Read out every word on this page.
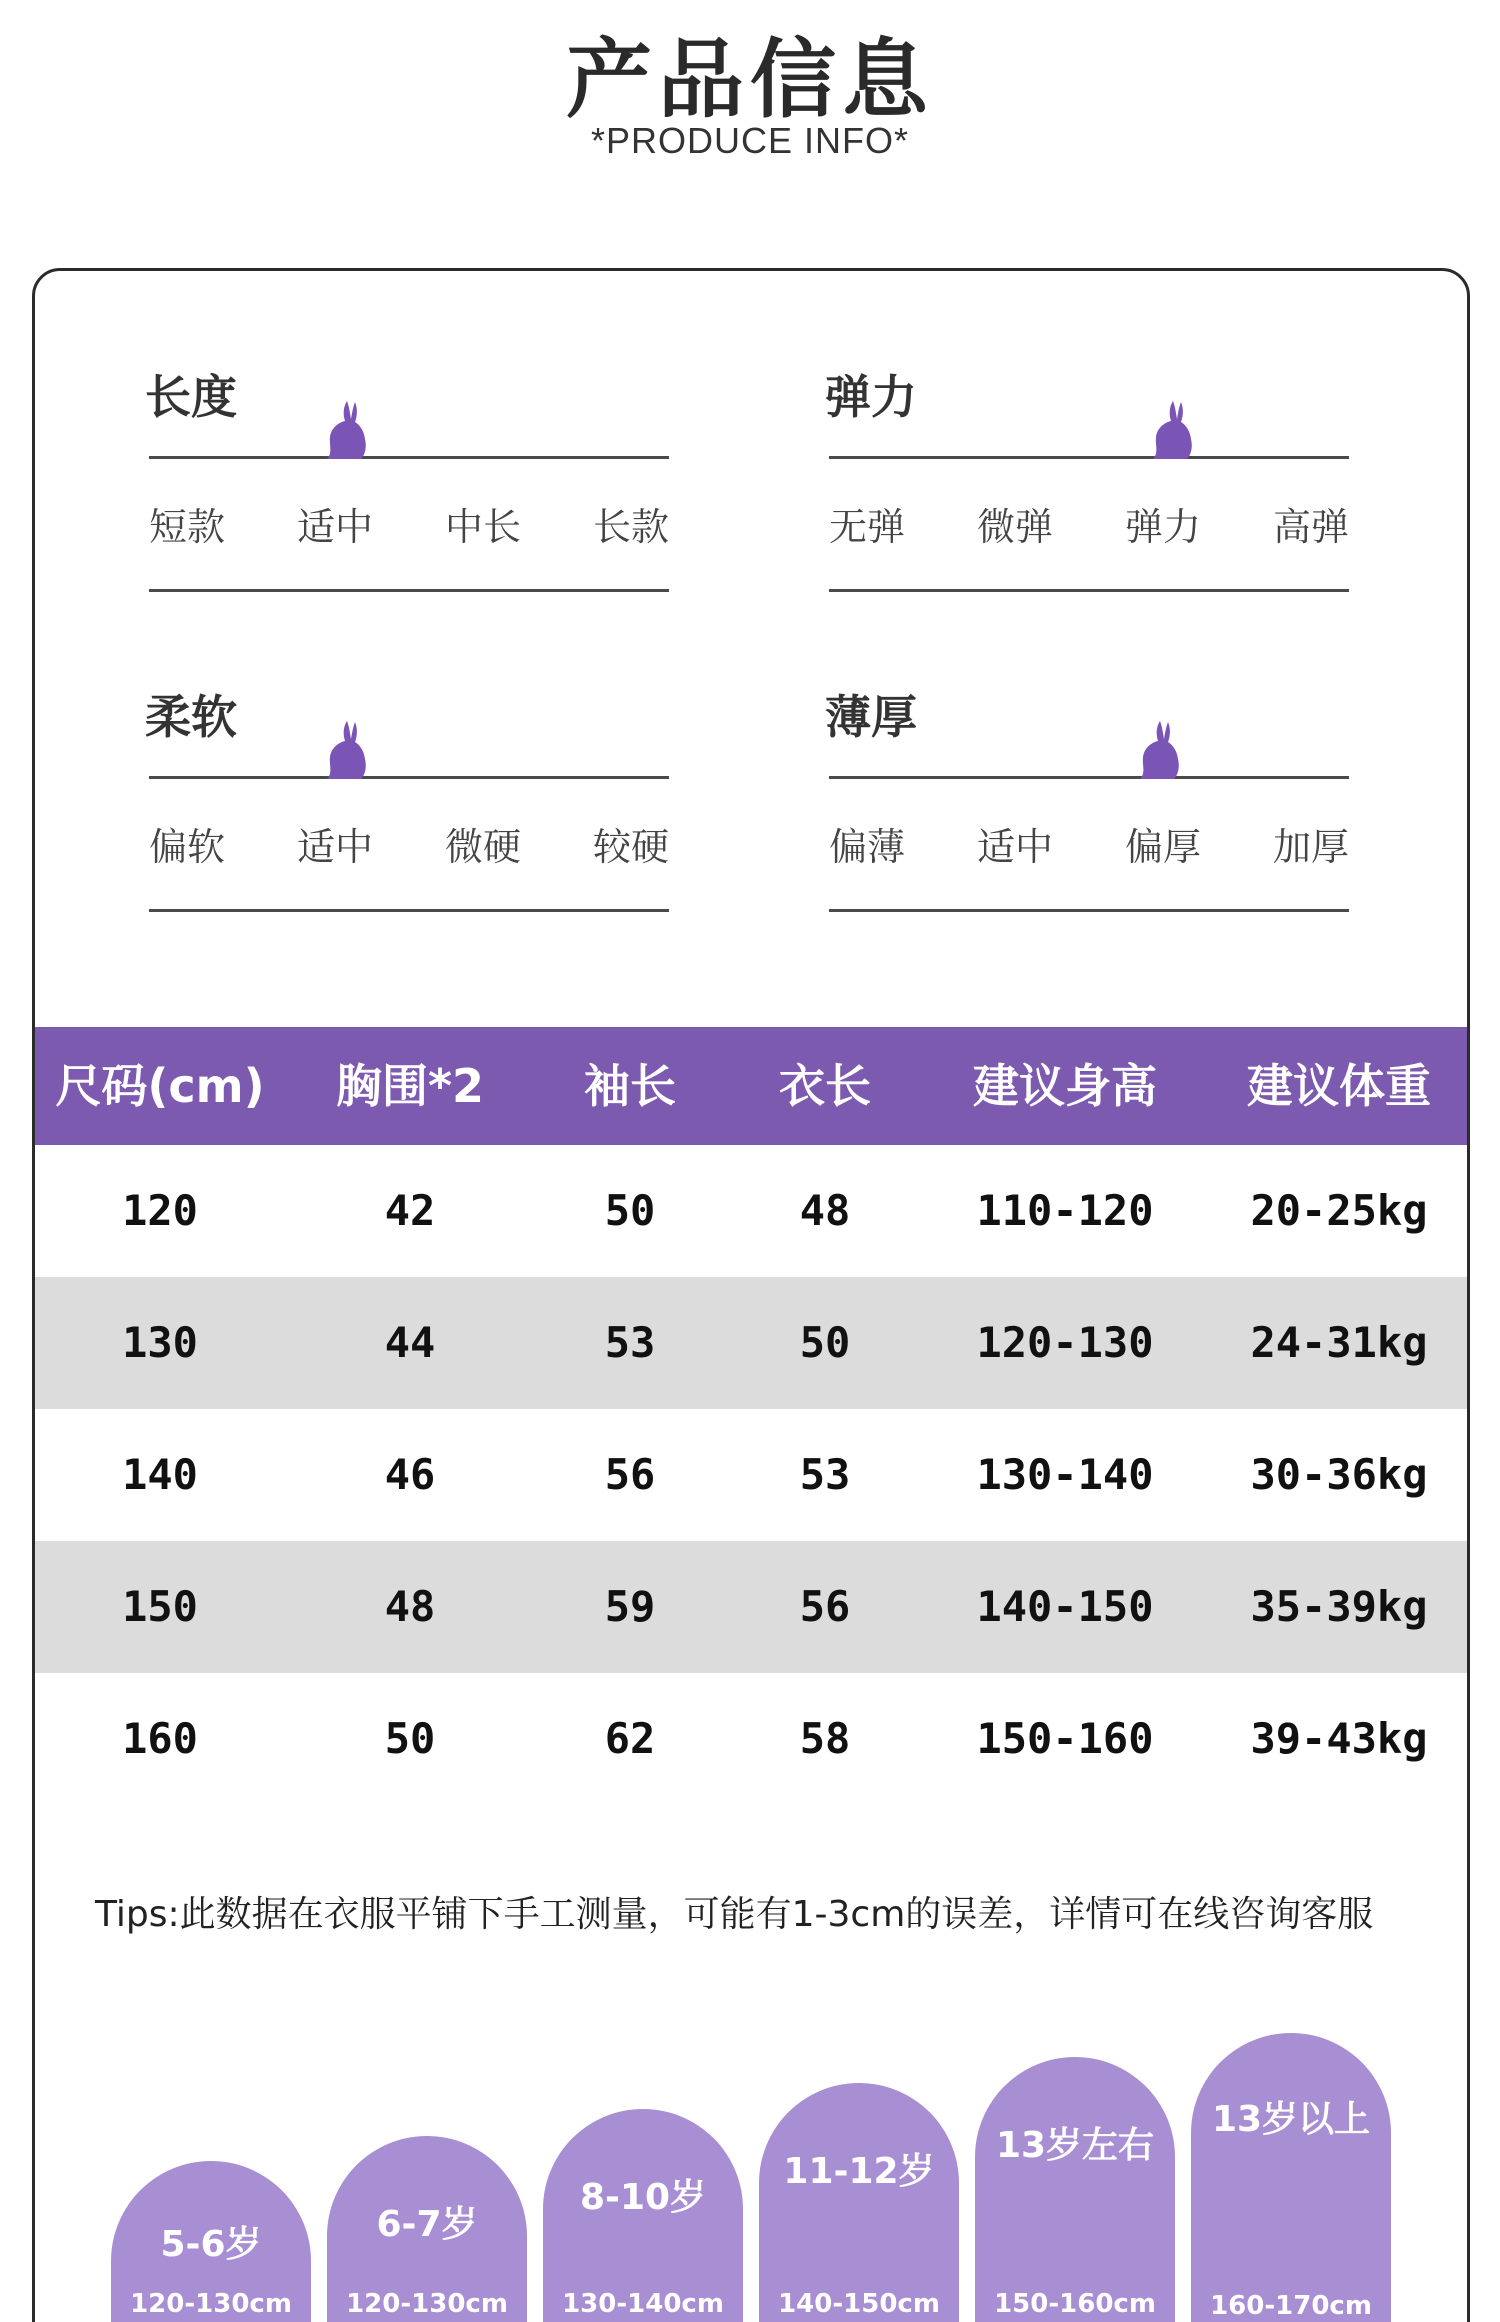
产品信息
*PRODUCE INFO*
长度
短款 适中 中长 长款
弹力
无弹 微弹 弹力 高弹
柔软
偏软 适中 微硬 较硬
薄厚
偏薄 适中 偏厚 加厚
尺码(cm)	胸围*2	袖长	衣长	建议身高	建议体重
120	42	50	48	110-120	20-25kg
130	44	53	50	120-130	24-31kg
140	46	56	53	130-140	30-36kg
150	48	59	56	140-150	35-39kg
160	50	62	58	150-160	39-43kg
Tips:此数据在衣服平铺下手工测量，可能有1-3cm的误差，详情可在线咨询客服
5-6岁
120-130cm
6-7岁
120-130cm
8-10岁
130-140cm
11-12岁
140-150cm
13岁左右
150-160cm
13岁以上
160-170cm
